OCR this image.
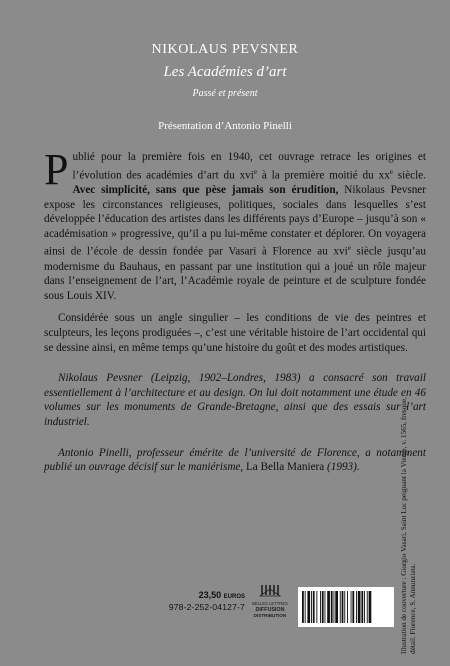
NIKOLAUS PEVSNER
Les Académies d’art
Passé et présent
Présentation d’Antonio Pinelli

Publié pour la première fois en 1940, cet ouvrage retrace les origines et l’évolution des académies d’art du xvi$^e$ à la première moitié du $xx^e$ siècle. Avec simplicité, sans que pèse jamais son érudition, Nikolaus Pevsner expose les circonstances religieuses, politiques, sociales dans lesquelles s’est développée l’éducation des artistes dans les différents pays d’Europe – jusqu’à son « académisation » progressive, qu’il a pu lui-même constater et déplorer. On voyagera ainsi de l’école de dessin fondée par Vasari à Florence au xvi$^e$ siècle jusqu’au modernisme du Bauhaus, en passant par une institution qui a joué un rôle majeur dans l’enseignement de l’art, l’Académie royale de peinture et de sculpture fondée sous Louis XIV.

Considérée sous un angle singulier – les conditions de vie des peintres et sculpteurs, les leçons prodiguées –, c’est une véritable histoire de l’art occidental qui se dessine ainsi, en même temps qu’une histoire du goût et des modes artistiques.

Nikolaus Pevsner (Leipzig, 1902–Londres, 1983) a consacré son travail essentiellement à l’architecture et au design. On lui doit notamment une étude en 46 volumes sur les monuments de Grande-Bretagne, ainsi que des essais sur l’art industriel.

Antonio Pinelli, professeur émérite de l’université de Florence, a notamment publié un ouvrage décisif sur le maniérisme, La Bella Maniera (1993).

23,50 EUROS
978-2-252-04127-7 BELLES LETTRES
DIFFUSION
DISTRIBUTION	Illustration de couverture : Giorgio Vasari, Saint Luc peignant la Vierge, v. 1565, fresque, détail. Florence, S. Annunziata.
